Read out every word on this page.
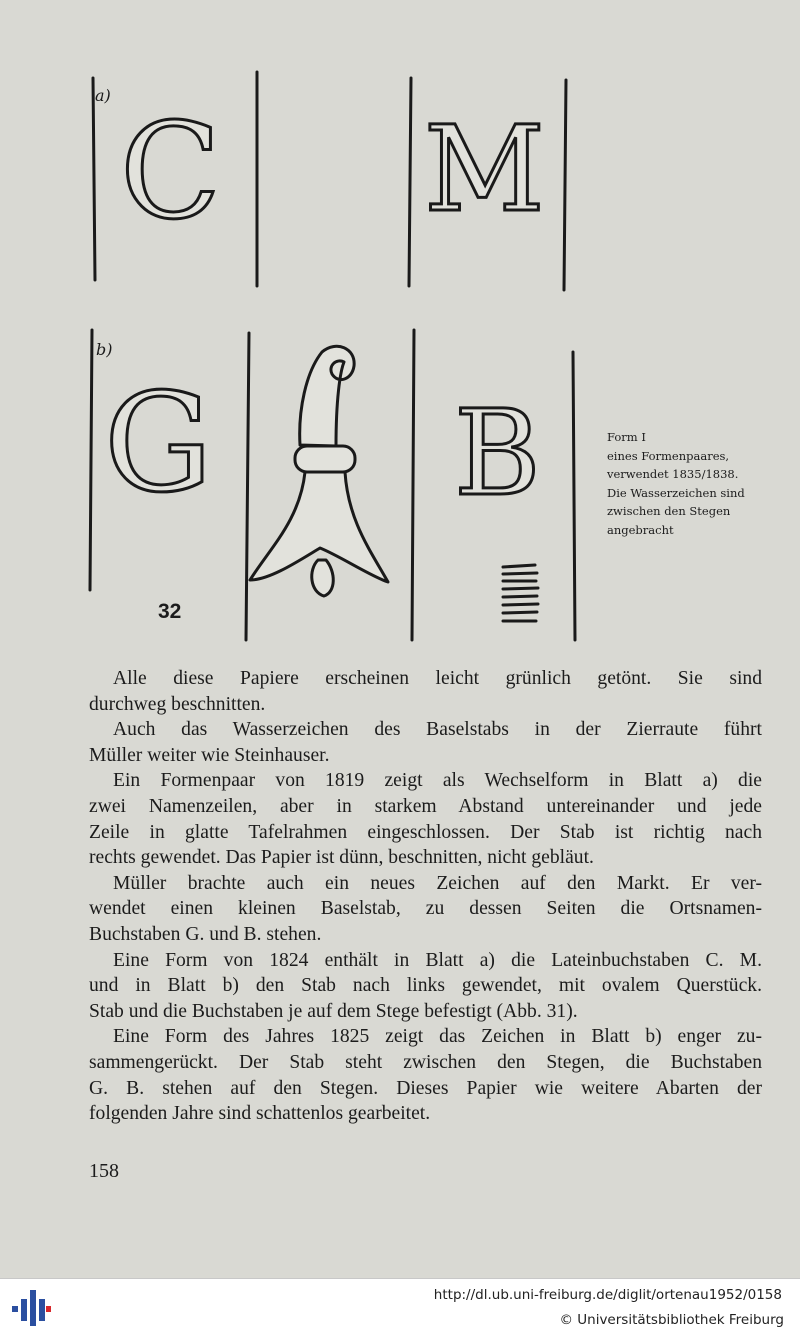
a)
b)
C M
G B
32
Form I
eines Formenpaares,
verwendet 1835/1838.
Die Wasserzeichen sind
zwischen den Stegen
angebracht

Alle diese Papiere erscheinen leicht grünlich getönt. Sie sind
durchweg beschnitten.

Auch das Wasserzeichen des Baselstabs in der Zierraute führt
Müller weiter wie Steinhauser.

Ein Formenpaar von 1819 zeigt als Wechselform in Blatt a) die
zwei Namenzeilen, aber in starkem Abstand untereinander und jede
Zeile in glatte Tafelrahmen eingeschlossen. Der Stab ist richtig nach
rechts gewendet. Das Papier ist dünn, beschnitten, nicht gebläut.

Müller brachte auch ein neues Zeichen auf den Markt. Er ver-
wendet einen kleinen Baselstab, zu dessen Seiten die Ortsnamen-
Buchstaben G. und B. stehen.

Eine Form von 1824 enthält in Blatt a) die Lateinbuchstaben C. M.
und in Blatt b) den Stab nach links gewendet, mit ovalem Querstück.
Stab und die Buchstaben je auf dem Stege befestigt (Abb. 31).

Eine Form des Jahres 1825 zeigt das Zeichen in Blatt b) enger zu-
sammengerückt. Der Stab steht zwischen den Stegen, die Buchstaben
G. B. stehen auf den Stegen. Dieses Papier wie weitere Abarten der
folgenden Jahre sind schattenlos gearbeitet.

158
http://dl.ub.uni-freiburg.de/diglit/ortenau1952/0158
© Universitätsbibliothek Freiburg
